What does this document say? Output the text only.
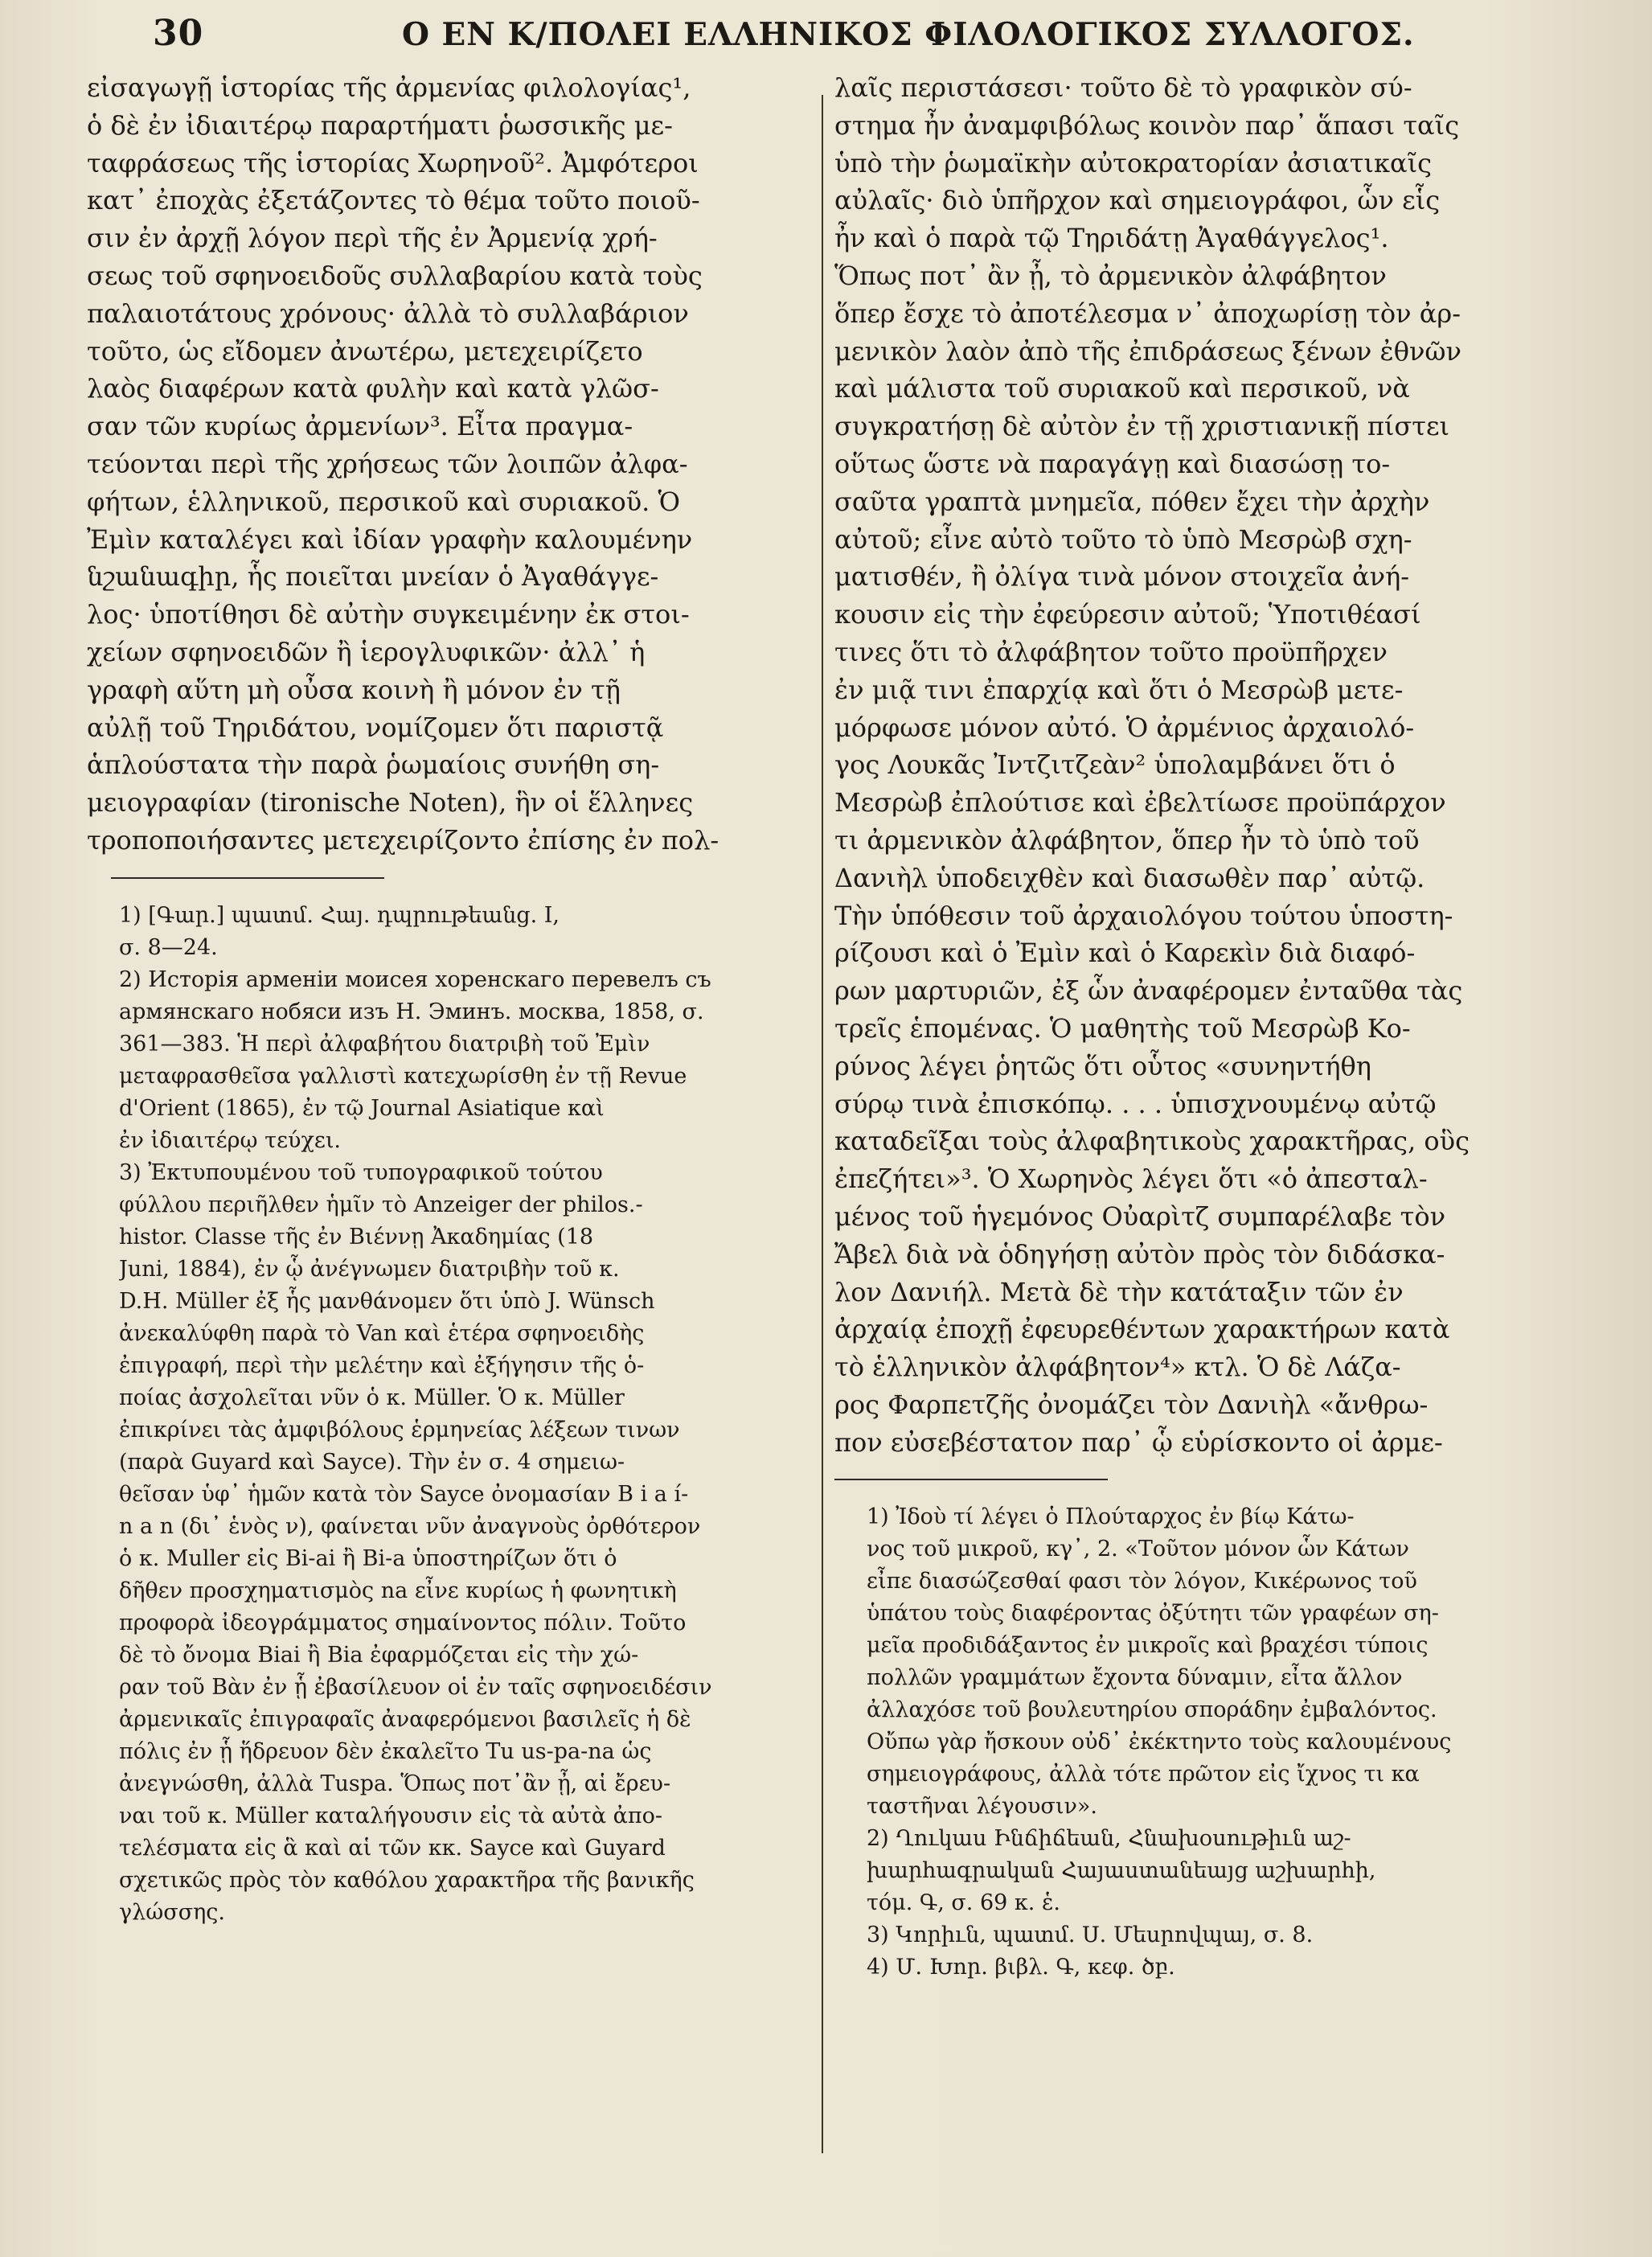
30	Ο ΕΝ Κ/ΠΟΛΕΙ ΕΛΛΗΝΙΚΟΣ ΦΙΛΟΛΟΓΙΚΟΣ ΣΥΛΛΟΓΟΣ.
εἰσαγωγῇ ἱστορίας τῆς ἀρμενίας φιλολογίας¹,
ὁ δὲ ἐν ἰδιαιτέρῳ παραρτήματι ῥωσσικῆς με-
ταφράσεως τῆς ἱστορίας Χωρηνοῦ². Ἀμφότεροι
κατ᾽ ἐποχὰς ἐξετάζοντες τὸ θέμα τοῦτο ποιοῦ-
σιν ἐν ἀρχῇ λόγον περὶ τῆς ἐν Ἀρμενίᾳ χρή-
σεως τοῦ σφηνοειδοῦς συλλαβαρίου κατὰ τοὺς
παλαιοτάτους χρόνους· ἀλλὰ τὸ συλλαβάριον
τοῦτο, ὡς εἴδομεν ἀνωτέρω, μετεχειρίζετο
λαὸς διαφέρων κατὰ φυλὴν καὶ κατὰ γλῶσ-
σαν τῶν κυρίως ἀρμενίων³. Εἶτα πραγμα-
τεύονται περὶ τῆς χρήσεως τῶν λοιπῶν ἀλφα-
φήτων, ἑλληνικοῦ, περσικοῦ καὶ συριακοῦ. Ὁ
Ἐμὶν καταλέγει καὶ ἰδίαν γραφὴν καλουμένην
նշանագիր, ἧς ποιεῖται μνείαν ὁ Ἀγαθάγγε-
λος· ὑποτίθησι δὲ αὐτὴν συγκειμένην ἐκ στοι-
χείων σφηνοειδῶν ἢ ἱερογλυφικῶν· ἀλλ᾽ ἡ
γραφὴ αὕτη μὴ οὖσα κοινὴ ἢ μόνον ἐν τῇ
αὐλῇ τοῦ Τηριδάτου, νομίζομεν ὅτι παριστᾷ
ἁπλούστατα τὴν παρὰ ῥωμαίοις συνήθη ση-
μειογραφίαν (tironische Noten), ἣν οἱ ἕλληνες
τροποποιήσαντες μετεχειρίζοντο ἐπίσης ἐν πολ-
1) [Գար.] պատմ. Հայ. դպրութեանց. I,
σ. 8—24.
2) Исторія арменіи моисея хоренскаго перевелъ съ
армянскаго нобяси изъ Н. Эминъ. москва, 1858, σ.
361—383. Ἡ περὶ ἀλφαβήτου διατριβὴ τοῦ Ἐμὶν
μεταφρασθεῖσα γαλλιστὶ κατεχωρίσθη ἐν τῇ Revue
d'Orient (1865), ἐν τῷ Journal Asiatique καὶ
ἐν ἰδιαιτέρῳ τεύχει.
3) Ἐκτυπουμένου τοῦ τυπογραφικοῦ τούτου
φύλλου περιῆλθεν ἡμῖν τὸ Anzeiger der philos.-
histor. Classe τῆς ἐν Βιέννῃ Ἀκαδημίας (18
Juni, 1884), ἐν ᾧ ἀνέγνωμεν διατριβὴν τοῦ κ.
D.H. Müller ἐξ ἧς μανθάνομεν ὅτι ὑπὸ J. Wünsch
ἀνεκαλύφθη παρὰ τὸ Van καὶ ἑτέρα σφηνοειδὴς
ἐπιγραφή, περὶ τὴν μελέτην καὶ ἐξήγησιν τῆς ὁ-
ποίας ἀσχολεῖται νῦν ὁ κ. Müller. Ὁ κ. Müller
ἐπικρίνει τὰς ἀμφιβόλους ἑρμηνείας λέξεων τινων
(παρὰ Guyard καὶ Sayce). Τὴν ἐν σ. 4 σημειω-
θεῖσαν ὑφ᾽ ἡμῶν κατὰ τὸν Sayce ὀνομασίαν B i a í-
n a n (δι᾽ ἑνὸς ν), φαίνεται νῦν ἀναγνοὺς ὀρθότερον
ὁ κ. Muller εἰς Bi-ai ἢ Bi-a ὑποστηρίζων ὅτι ὁ
δῆθεν προσχηματισμὸς na εἶνε κυρίως ἡ φωνητικὴ
προφορὰ ἰδεογράμματος σημαίνοντος πόλιν. Τοῦτο
δὲ τὸ ὄνομα Biai ἢ Bia ἐφαρμόζεται εἰς τὴν χώ-
ραν τοῦ Βὰν ἐν ᾗ ἐβασίλευον οἱ ἐν ταῖς σφηνοειδέσιν
ἀρμενικαῖς ἐπιγραφαῖς ἀναφερόμενοι βασιλεῖς ἡ δὲ
πόλις ἐν ᾗ ἥδρευον δὲν ἐκαλεῖτο Tu us-pa-na ὡς
ἀνεγνώσθη, ἀλλὰ Tuspa. Ὅπως ποτ᾽ἂν ᾖ, αἱ ἔρευ-
ναι τοῦ κ. Müller καταλήγουσιν εἰς τὰ αὐτὰ ἀπο-
τελέσματα εἰς ἃ καὶ αἱ τῶν κκ. Sayce καὶ Guyard
σχετικῶς πρὸς τὸν καθόλου χαρακτῆρα τῆς βανικῆς
γλώσσης.
λαῖς περιστάσεσι· τοῦτο δὲ τὸ γραφικὸν σύ-
στημα ἦν ἀναμφιβόλως κοινὸν παρ᾽ ἅπασι ταῖς
ὑπὸ τὴν ῥωμαϊκὴν αὐτοκρατορίαν ἀσιατικαῖς
αὐλαῖς· διὸ ὑπῆρχον καὶ σημειογράφοι, ὧν εἷς
ἦν καὶ ὁ παρὰ τῷ Τηριδάτῃ Ἀγαθάγγελος¹.
Ὅπως ποτ᾽ ἂν ᾖ, τὸ ἀρμενικὸν ἀλφάβητον
ὅπερ ἔσχε τὸ ἀποτέλεσμα ν᾽ ἀποχωρίσῃ τὸν ἀρ-
μενικὸν λαὸν ἀπὸ τῆς ἐπιδράσεως ξένων ἐθνῶν
καὶ μάλιστα τοῦ συριακοῦ καὶ περσικοῦ, νὰ
συγκρατήσῃ δὲ αὐτὸν ἐν τῇ χριστιανικῇ πίστει
οὕτως ὥστε νὰ παραγάγῃ καὶ διασώσῃ το-
σαῦτα γραπτὰ μνημεῖα, πόθεν ἔχει τὴν ἀρχὴν
αὐτοῦ; εἶνε αὐτὸ τοῦτο τὸ ὑπὸ Μεσρὼβ σχη-
ματισθέν, ἢ ὀλίγα τινὰ μόνον στοιχεῖα ἀνή-
κουσιν εἰς τὴν ἐφεύρεσιν αὐτοῦ; Ὑποτιθέασί
τινες ὅτι τὸ ἀλφάβητον τοῦτο προϋπῆρχεν
ἐν μιᾷ τινι ἐπαρχίᾳ καὶ ὅτι ὁ Μεσρὼβ μετε-
μόρφωσε μόνον αὐτό. Ὁ ἀρμένιος ἀρχαιολό-
γος Λουκᾶς Ἰντζιτζεὰν² ὑπολαμβάνει ὅτι ὁ
Μεσρὼβ ἐπλούτισε καὶ ἐβελτίωσε προϋπάρχον
τι ἀρμενικὸν ἀλφάβητον, ὅπερ ἦν τὸ ὑπὸ τοῦ
Δανιὴλ ὑποδειχθὲν καὶ διασωθὲν παρ᾽ αὐτῷ.
Τὴν ὑπόθεσιν τοῦ ἀρχαιολόγου τούτου ὑποστη-
ρίζουσι καὶ ὁ Ἐμὶν καὶ ὁ Καρεκὶν διὰ διαφό-
ρων μαρτυριῶν, ἐξ ὧν ἀναφέρομεν ἐνταῦθα τὰς
τρεῖς ἑπομένας. Ὁ μαθητὴς τοῦ Μεσρὼβ Κο-
ρύνος λέγει ῥητῶς ὅτι οὗτος «συνηντήθη
σύρῳ τινὰ ἐπισκόπῳ. . . . ὑπισχνουμένῳ αὐτῷ
καταδεῖξαι τοὺς ἀλφαβητικοὺς χαρακτῆρας, οὓς
ἐπεζήτει»³. Ὁ Χωρηνὸς λέγει ὅτι «ὁ ἀπεσταλ-
μένος τοῦ ἡγεμόνος Οὐαρὶτζ συμπαρέλαβε τὸν
Ἄβελ διὰ νὰ ὁδηγήσῃ αὐτὸν πρὸς τὸν διδάσκα-
λον Δανιήλ. Μετὰ δὲ τὴν κατάταξιν τῶν ἐν
ἀρχαίᾳ ἐποχῇ ἐφευρεθέντων χαρακτήρων κατὰ
τὸ ἑλληνικὸν ἀλφάβητον⁴» κτλ. Ὁ δὲ Λάζα-
ρος Φαρπετζῆς ὀνομάζει τὸν Δανιὴλ «ἄνθρω-
πον εὐσεβέστατον παρ᾽ ᾧ εὑρίσκοντο οἱ ἀρμε-
1) Ἰδοὺ τί λέγει ὁ Πλούταρχος ἐν βίῳ Κάτω-
νος τοῦ μικροῦ, κγ᾽, 2. «Τοῦτον μόνον ὧν Κάτων
εἶπε διασώζεσθαί φασι τὸν λόγον, Κικέρωνος τοῦ
ὑπάτου τοὺς διαφέροντας ὀξύτητι τῶν γραφέων ση-
μεῖα προδιδάξαντος ἐν μικροῖς καὶ βραχέσι τύποις
πολλῶν γραμμάτων ἔχοντα δύναμιν, εἶτα ἄλλον
ἀλλαχόσε τοῦ βουλευτηρίου σποράδην ἐμβαλόντος.
Οὔπω γὰρ ἤσκουν οὐδ᾽ ἐκέκτηντο τοὺς καλουμένους
σημειογράφους, ἀλλὰ τότε πρῶτον εἰς ἴχνος τι κα
ταστῆναι λέγουσιν».
2) Ղուկաս Ինճիճեան, Հնախօսութիւն աշ-
խարհագրական Հայաստանեայց աշխարհի,
τόμ. Գ, σ. 69 κ. ἑ.
3) Կորիւն, պատմ. Ս. Մեսրովպայ, σ. 8.
4) Մ. Խոր. βιβλ. Գ, κεφ. ծբ.
